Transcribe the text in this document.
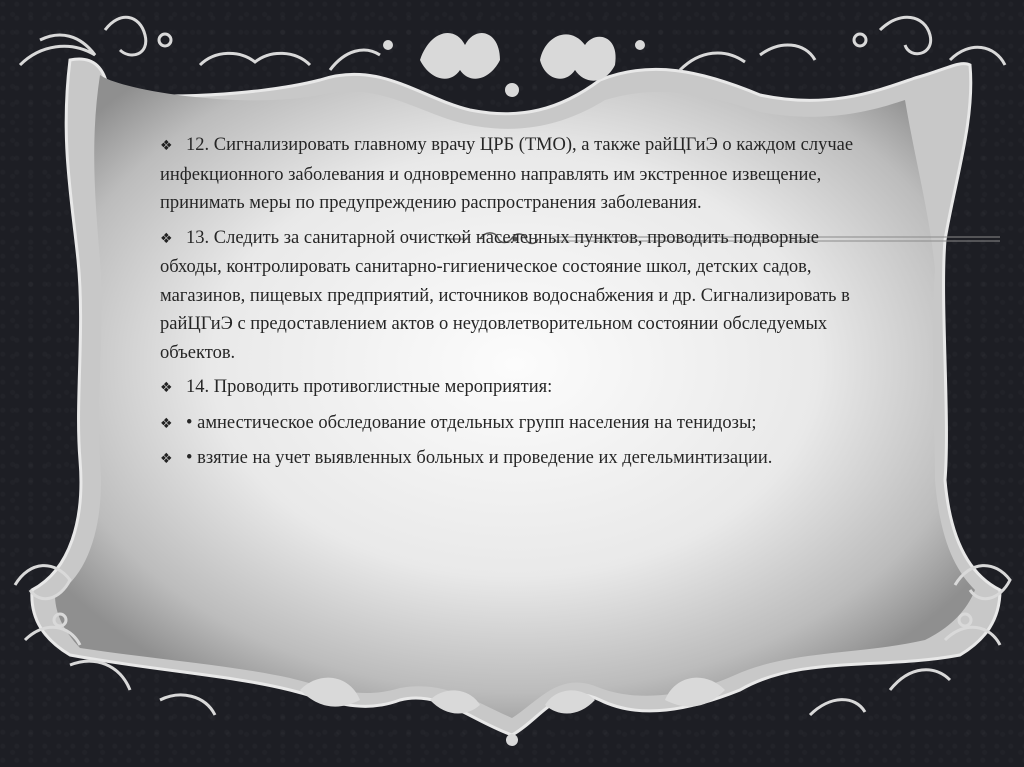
❖ 12. Сигнализировать главному врачу ЦРБ (ТМО), а также райЦГиЭ о каждом случае инфекционного заболевания и одновременно направлять им экстренное извещение, принимать меры по предупреждению распространения заболевания.

❖ 13. Следить за санитарной очисткой населенных пунктов, проводить подворные обходы, контролировать санитарно-гигиеническое состояние школ, детских садов, магазинов, пищевых предприятий, источников водоснабжения и др. Сигнализировать в райЦГиЭ с предоставлением актов о неудовлетворительном состоянии обследуемых объектов.

❖ 14. Проводить противоглистные мероприятия:

❖ • амнестическое обследование отдельных групп населения на тенидозы;

❖ • взятие на учет выявленных больных и проведение их дегельминтизации.
